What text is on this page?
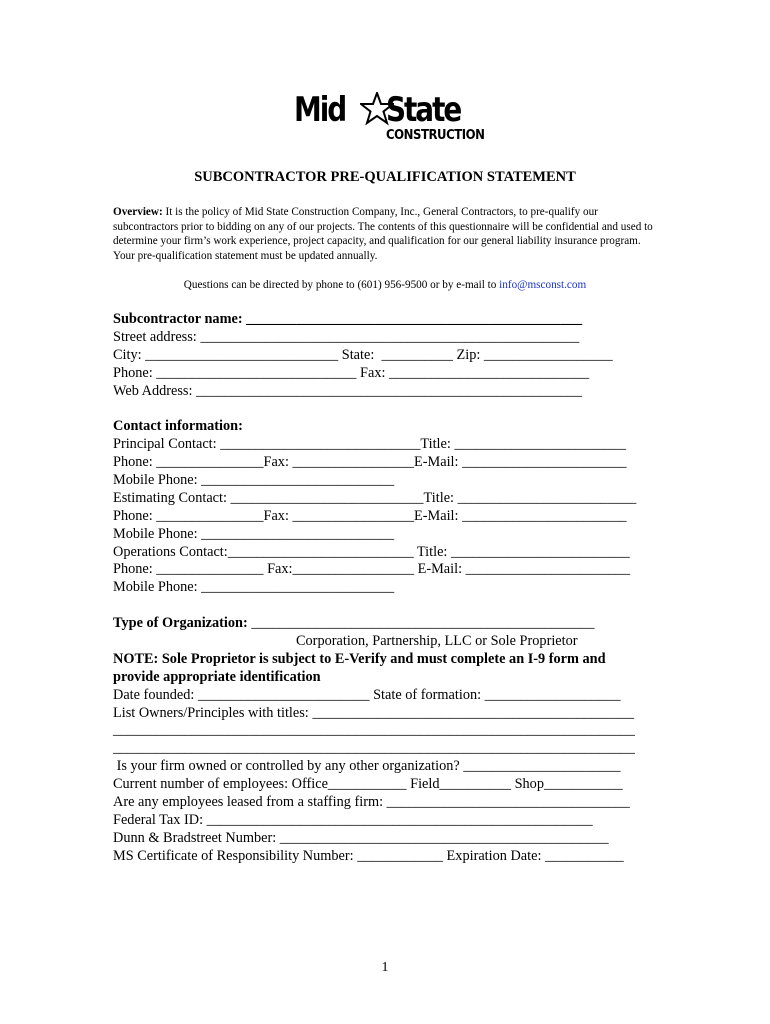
Mid State
CONSTRUCTION
SUBCONTRACTOR PRE-QUALIFICATION STATEMENT
Overview: It is the policy of Mid State Construction Company, Inc., General Contractors, to pre-qualify our subcontractors prior to bidding on any of our projects. The contents of this questionnaire will be confidential and used to determine your firm’s work experience, project capacity, and qualification for our general liability insurance program. Your pre-qualification statement must be updated annually.
Questions can be directed by phone to (601) 956-9500 or by e-mail to info@msconst.com
Subcontractor name: _______________________________________________
Street address: _____________________________________________________
City: ___________________________ State:  __________ Zip: __________________
Phone: ____________________________ Fax: ____________________________
Web Address: ______________________________________________________
Contact information:
Principal Contact: ____________________________Title: ________________________
Phone: _______________Fax: _________________E-Mail: _______________________
Mobile Phone: ___________________________
Estimating Contact: ___________________________Title: _________________________
Phone: _______________Fax: _________________E-Mail: _______________________
Mobile Phone: ___________________________
Operations Contact:__________________________ Title: _________________________
Phone: _______________ Fax:_________________ E-Mail: _______________________
Mobile Phone: ___________________________
Type of Organization: ________________________________________________
Corporation, Partnership, LLC or Sole Proprietor
NOTE: Sole Proprietor is subject to E-Verify and must complete an I-9 form and
provide appropriate identification
Date founded: ________________________ State of formation: ___________________
List Owners/Principles with titles: _____________________________________________
_________________________________________________________________________
_________________________________________________________________________
Is your firm owned or controlled by any other organization? ______________________
Current number of employees: Office___________ Field__________ Shop___________
Are any employees leased from a staffing firm: __________________________________
Federal Tax ID: ______________________________________________________
Dunn & Bradstreet Number: ______________________________________________
MS Certificate of Responsibility Number: ____________ Expiration Date: ___________
1
